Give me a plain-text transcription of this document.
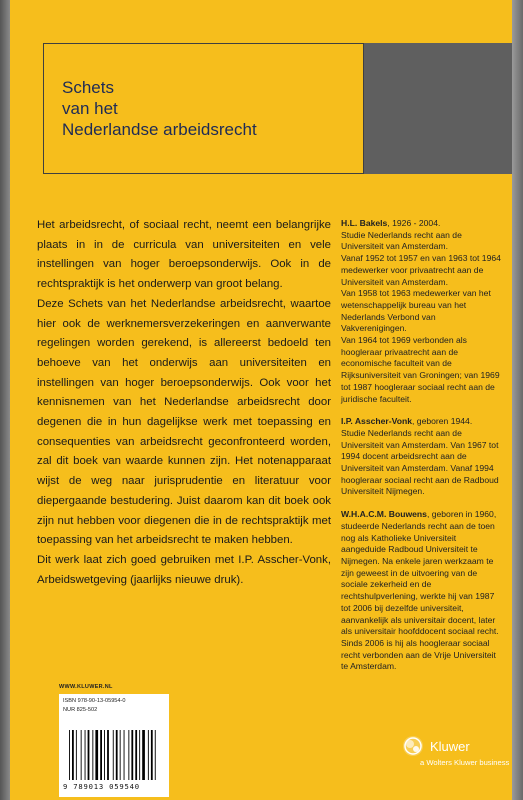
Schets
van het
Nederlandse arbeidsrecht

Het arbeidsrecht, of sociaal recht, neemt een belangrijke plaats in in de curricula van universiteiten en vele instellingen van hoger beroepsonderwijs. Ook in de rechtspraktijk is het onderwerp van groot belang.

Deze Schets van het Nederlandse arbeidsrecht, waartoe hier ook de werknemersverzekeringen en aanverwante regelingen worden gerekend, is allereerst bedoeld ten behoeve van het onderwijs aan universiteiten en instellingen van hoger beroepsonderwijs. Ook voor het kennisnemen van het Nederlandse arbeidsrecht door degenen die in hun dagelijkse werk met toepassing en consequenties van arbeidsrecht geconfronteerd worden, zal dit boek van waarde kunnen zijn. Het notenapparaat wijst de weg naar jurisprudentie en literatuur voor diepergaande bestudering. Juist daarom kan dit boek ook zijn nut hebben voor diegenen die in de rechtspraktijk met toepassing van het arbeidsrecht te maken hebben.

Dit werk laat zich goed gebruiken met I.P. Asscher-Vonk, Arbeidswetgeving (jaarlijks nieuwe druk).

H.L. Bakels, 1926 - 2004.
Studie Nederlands recht aan de Universiteit van Amsterdam.
Vanaf 1952 tot 1957 en van 1963 tot 1964 medewerker voor privaatrecht aan de Universiteit van Amsterdam.
Van 1958 tot 1963 medewerker van het wetenschappelijk bureau van het Nederlands Verbond van Vakverenigingen.
Van 1964 tot 1969 verbonden als hoogleraar privaatrecht aan de economische faculteit van de Rijksuniversiteit van Groningen; van 1969 tot 1987 hoogleraar sociaal recht aan de juridische faculteit.
I.P. Asscher-Vonk, geboren 1944.
Studie Nederlands recht aan de Universiteit van Amsterdam. Van 1967 tot 1994 docent arbeidsrecht aan de Universiteit van Amsterdam. Vanaf 1994 hoogleraar sociaal recht aan de Radboud Universiteit Nijmegen.
W.H.A.C.M. Bouwens, geboren in 1960, studeerde Nederlands recht aan de toen nog als Katholieke Universiteit aangeduide Radboud Universiteit te Nijmegen. Na enkele jaren werkzaam te zijn geweest in de uitvoering van de sociale zekerheid en de rechtshulpverlening, werkte hij van 1987 tot 2006 bij dezelfde universiteit, aanvankelijk als universitair docent, later als universitair hoofddocent sociaal recht. Sinds 2006 is hij als hoogleraar sociaal recht verbonden aan de Vrije Universiteit te Amsterdam.
WWW.KLUWER.NL
ISBN 978-90-13-05954-0
NUR 825-502
9 789013 059540
Kluwer
a Wolters Kluwer business
